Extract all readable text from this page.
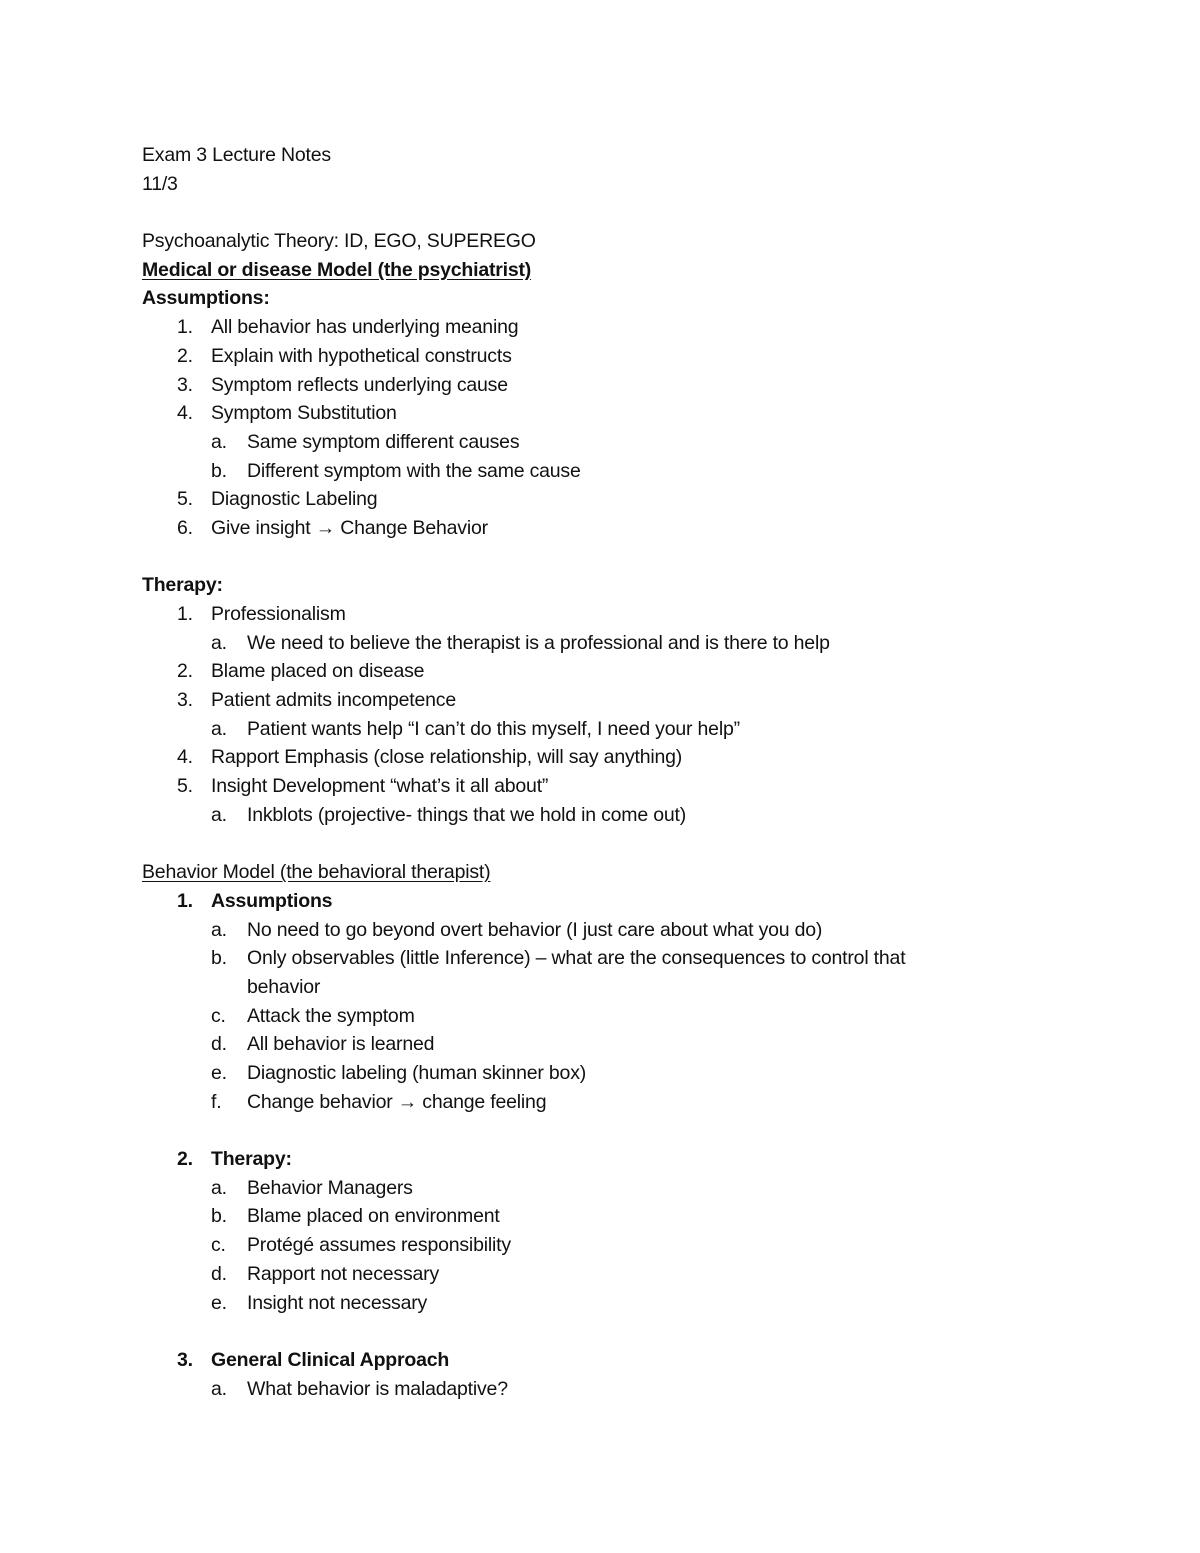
Exam 3 Lecture Notes
11/3
Psychoanalytic Theory: ID, EGO, SUPEREGO
Medical or disease Model (the psychiatrist)
Assumptions:
1. All behavior has underlying meaning
2. Explain with hypothetical constructs
3. Symptom reflects underlying cause
4. Symptom Substitution
a. Same symptom different causes
b. Different symptom with the same cause
5. Diagnostic Labeling
6. Give insight → Change Behavior
Therapy:
1. Professionalism
a. We need to believe the therapist is a professional and is there to help
2. Blame placed on disease
3. Patient admits incompetence
a. Patient wants help “I can’t do this myself, I need your help”
4. Rapport Emphasis (close relationship, will say anything)
5. Insight Development “what’s it all about”
a. Inkblots (projective- things that we hold in come out)
Behavior Model (the behavioral therapist)
1. Assumptions
a. No need to go beyond overt behavior (I just care about what you do)
b. Only observables (little Inference) – what are the consequences to control that
behavior
c. Attack the symptom
d. All behavior is learned
e. Diagnostic labeling (human skinner box)
f. Change behavior → change feeling
2. Therapy:
a. Behavior Managers
b. Blame placed on environment
c. Protégé assumes responsibility
d. Rapport not necessary
e. Insight not necessary
3. General Clinical Approach
a. What behavior is maladaptive?
